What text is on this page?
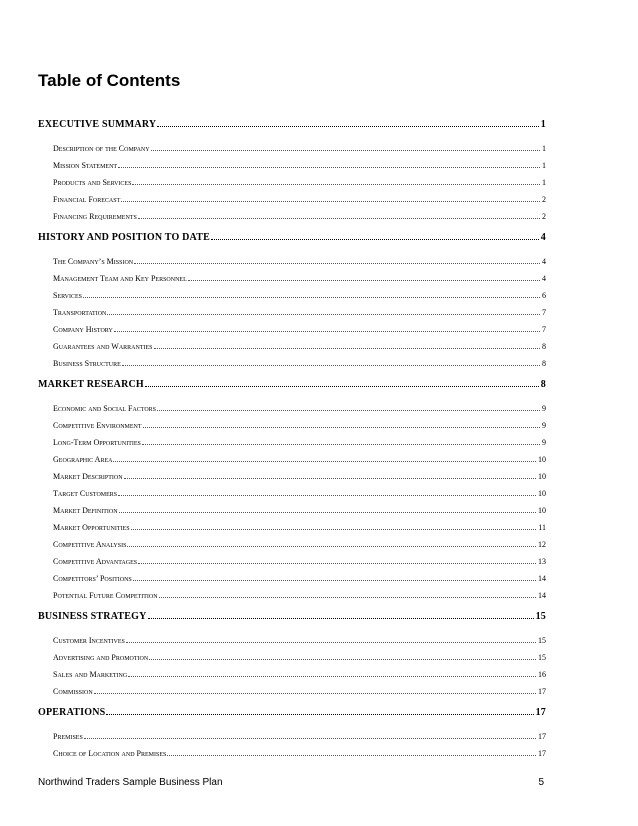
Table of Contents
EXECUTIVE SUMMARY	1
Description of the Company	1
Mission Statement	1
Products and Services	1
Financial Forecast	2
Financing Requirements	2
HISTORY AND POSITION TO DATE	4
The Company’s Mission	4
Management Team and Key Personnel	4
Services	6
Transportation	7
Company History	7
Guarantees and Warranties	8
Business Structure	8
MARKET RESEARCH	8
Economic and Social Factors	9
Competitive Environment	9
Long-Term Opportunities	9
Geographic Area	10
Market Description	10
Target Customers	10
Market Definition	10
Market Opportunities	11
Competitive Analysis	12
Competitive Advantages	13
Competitors’ Positions	14
Potential Future Competition	14
BUSINESS STRATEGY	15
Customer Incentives	15
Advertising and Promotion	15
Sales and Marketing	16
Commission	17
OPERATIONS	17
Premises	17
Choice of Location and Premises	17
Northwind Traders Sample Business Plan	5
